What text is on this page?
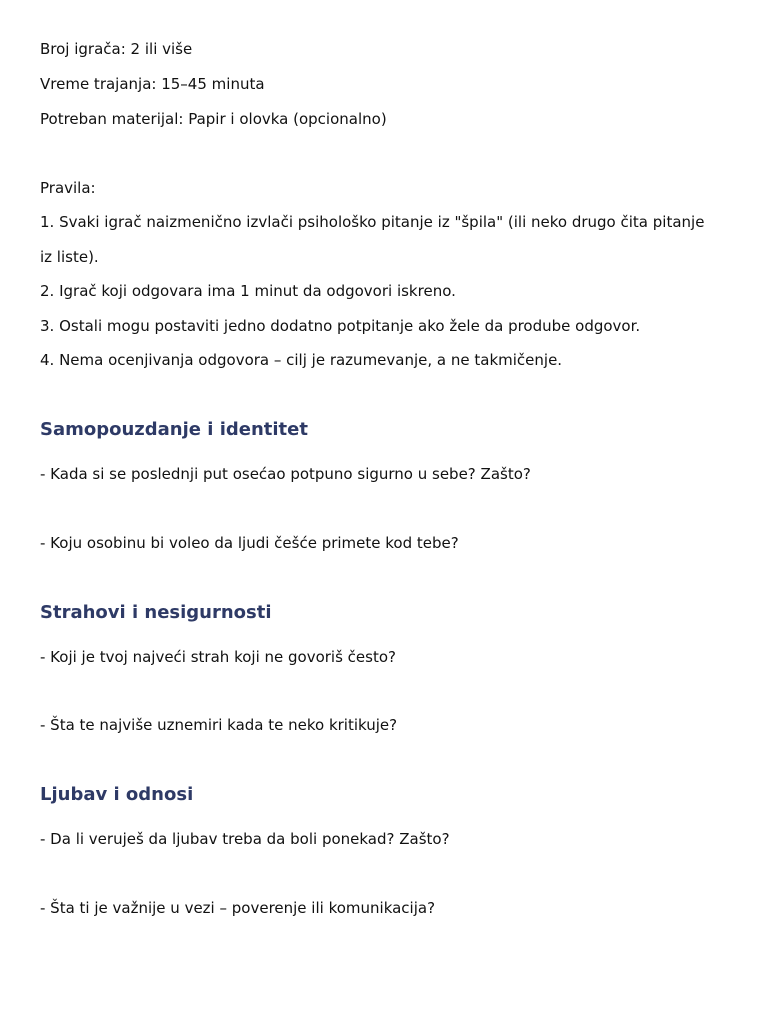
Broj igrača: 2 ili više

Vreme trajanja: 15–45 minuta

Potreban materijal: Papir i olovka (opcionalno)

Pravila:

1. Svaki igrač naizmenično izvlači psihološko pitanje iz "špila" (ili neko drugo čita pitanje

iz liste).

2. Igrač koji odgovara ima 1 minut da odgovori iskreno.

3. Ostali mogu postaviti jedno dodatno potpitanje ako žele da prodube odgovor.

4. Nema ocenjivanja odgovora – cilj je razumevanje, a ne takmičenje.

Samopouzdanje i identitet

- Kada si se poslednji put osećao potpuno sigurno u sebe? Zašto?

- Koju osobinu bi voleo da ljudi češće primete kod tebe?

Strahovi i nesigurnosti

- Koji je tvoj najveći strah koji ne govoriš često?

- Šta te najviše uznemiri kada te neko kritikuje?

Ljubav i odnosi

- Da li veruješ da ljubav treba da boli ponekad? Zašto?

- Šta ti je važnije u vezi – poverenje ili komunikacija?
